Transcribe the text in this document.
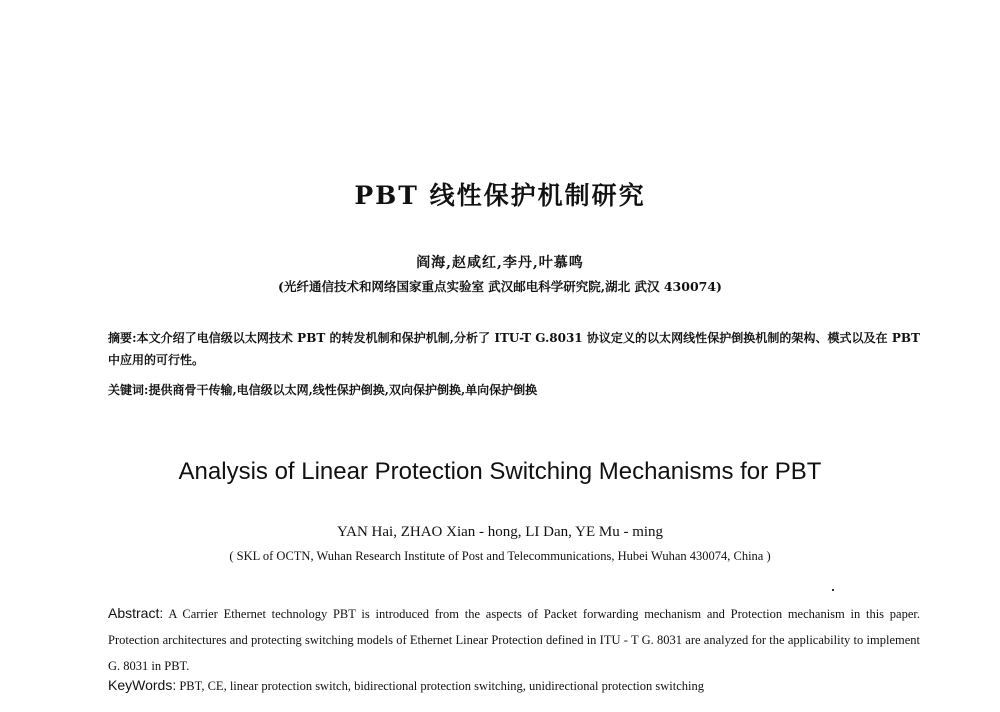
PBT 线性保护机制研究
阎海,赵咸红,李丹,叶慕鸣
(光纤通信技术和网络国家重点实验室 武汉邮电科学研究院,湖北 武汉 430074)
摘要:本文介绍了电信级以太网技术 PBT 的转发机制和保护机制,分析了 ITU-T G.8031 协议定义的以太网线性保护倒换机制的架构、模式以及在 PBT 中应用的可行性。
关键词:提供商骨干传输,电信级以太网,线性保护倒换,双向保护倒换,单向保护倒换
Analysis of Linear Protection Switching Mechanisms for PBT
YAN Hai, ZHAO Xian - hong, LI Dan, YE Mu - ming
( SKL of OCTN, Wuhan Research Institute of Post and Telecommunications, Hubei Wuhan 430074, China )
Abstract: A Carrier Ethernet technology PBT is introduced from the aspects of Packet forwarding mechanism and Protection mechanism in this paper. Protection architectures and protecting switching models of Ethernet Linear Protection defined in ITU - T G. 8031 are analyzed for the applicability to implement G. 8031 in PBT.
KeyWords: PBT, CE, linear protection switch, bidirectional protection switching, unidirectional protection switching
